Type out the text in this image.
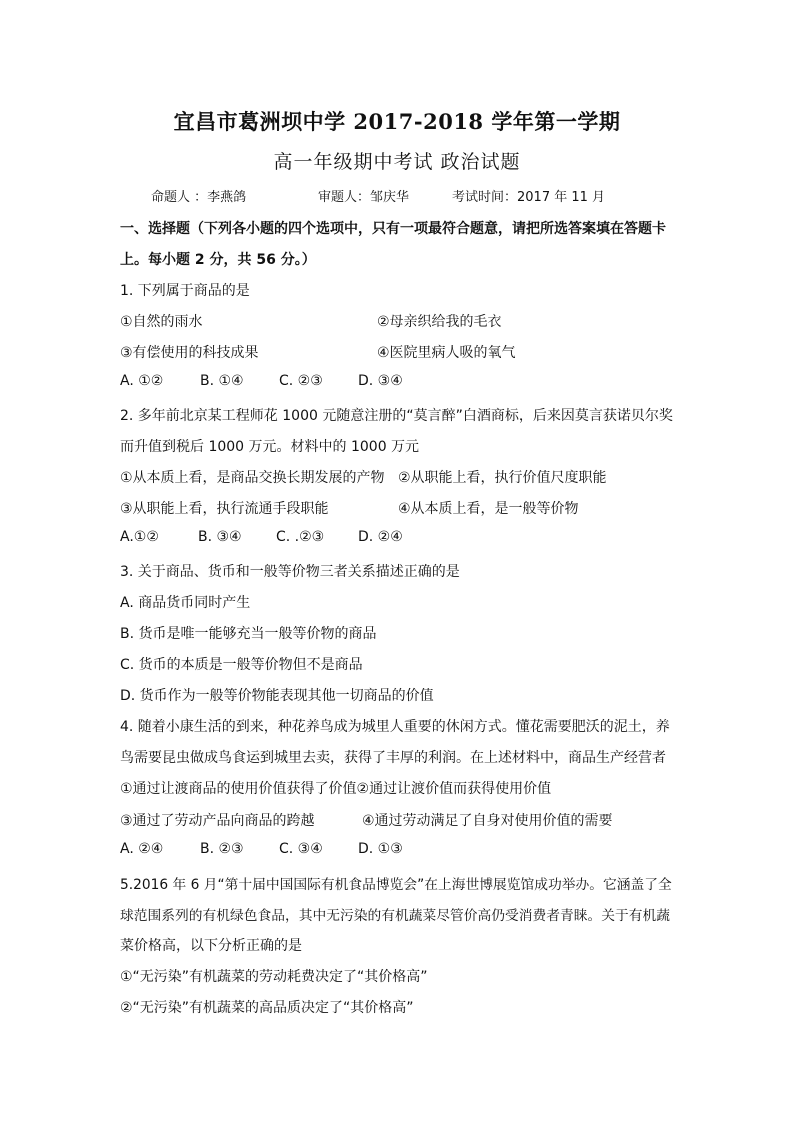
宜昌市葛洲坝中学 2017-2018 学年第一学期
高一年级期中考试 政治试题
命题人 ：李燕鸽	审题人：邹庆华	考试时间：2017 年 11 月
一、选择题（下列各小题的四个选项中，只有一项最符合题意，请把所选答案填在答题卡
上。每小题 2 分，共 56 分。）
1. 下列属于商品的是
①自然的雨水	②母亲织给我的毛衣
③有偿使用的科技成果	④医院里病人吸的氧气
A. ①②	B. ①④	C. ②③	D. ③④
2. 多年前北京某工程师花 1000 元随意注册的“莫言醉”白酒商标，后来因莫言获诺贝尔奖
而升值到税后 1000 万元。材料中的 1000 万元
①从本质上看，是商品交换长期发展的产物 ②从职能上看，执行价值尺度职能
③从职能上看，执行流通手段职能	④从本质上看，是一般等价物
A.①②	B. ③④ C. .②③ D. ②④
3. 关于商品、货币和一般等价物三者关系描述正确的是
A. 商品货币同时产生
B. 货币是唯一能够充当一般等价物的商品
C. 货币的本质是一般等价物但不是商品
D. 货币作为一般等价物能表现其他一切商品的价值
4. 随着小康生活的到来，种花养鸟成为城里人重要的休闲方式。懂花需要肥沃的泥土，养
鸟需要昆虫做成鸟食运到城里去卖，获得了丰厚的利润。在上述材料中，商品生产经营者
①通过让渡商品的使用价值获得了价值②通过让渡价值而获得使用价值
③通过了劳动产品向商品的跨越	④通过劳动满足了自身对使用价值的需要
A. ②④	B. ②③	C. ③④	D. ①③
5.2016 年 6 月“第十届中国国际有机食品博览会”在上海世博展览馆成功举办。它涵盖了全
球范围系列的有机绿色食品，其中无污染的有机蔬菜尽管价高仍受消费者青睐。关于有机蔬
菜价格高，以下分析正确的是
①“无污染”有机蔬菜的劳动耗费决定了“其价格高”
②“无污染”有机蔬菜的高品质决定了“其价格高”
